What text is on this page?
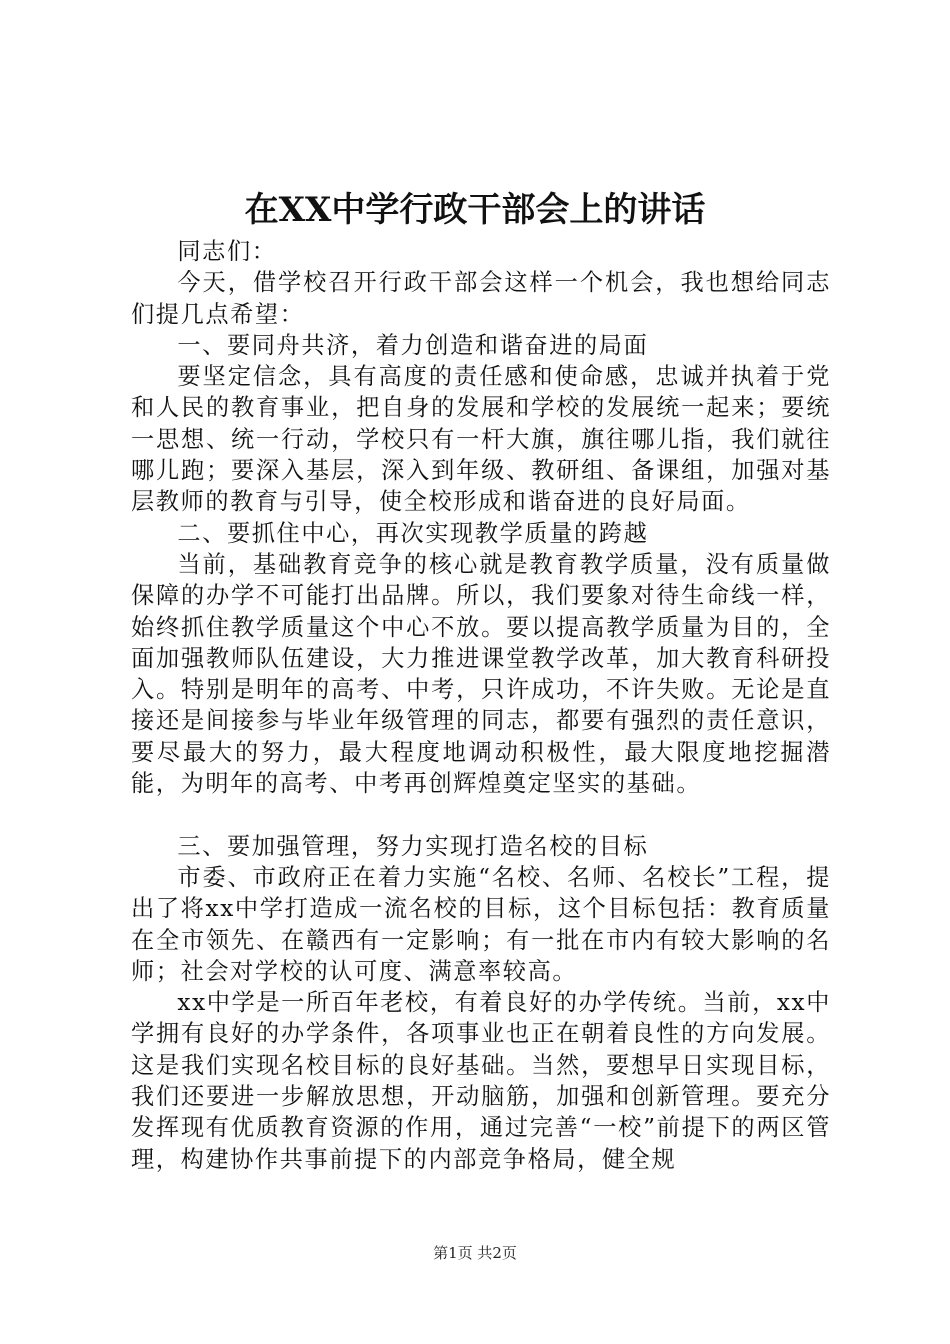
在XX中学行政干部会上的讲话

同志们：

今天，借学校召开行政干部会这样一个机会，我也想给同志们提几点希望：

一、要同舟共济，着力创造和谐奋进的局面

要坚定信念，具有高度的责任感和使命感，忠诚并执着于党和人民的教育事业，把自身的发展和学校的发展统一起来；要统一思想、统一行动，学校只有一杆大旗，旗往哪儿指，我们就往哪儿跑；要深入基层，深入到年级、教研组、备课组，加强对基层教师的教育与引导，使全校形成和谐奋进的良好局面。

二、要抓住中心，再次实现教学质量的跨越

当前，基础教育竞争的核心就是教育教学质量，没有质量做保障的办学不可能打出品牌。所以，我们要象对待生命线一样，始终抓住教学质量这个中心不放。要以提高教学质量为目的，全面加强教师队伍建设，大力推进课堂教学改革，加大教育科研投入。特别是明年的高考、中考，只许成功，不许失败。无论是直接还是间接参与毕业年级管理的同志，都要有强烈的责任意识，要尽最大的努力，最大程度地调动积极性，最大限度地挖掘潜能，为明年的高考、中考再创辉煌奠定坚实的基础。

三、要加强管理，努力实现打造名校的目标

市委、市政府正在着力实施“名校、名师、名校长”工程，提出了将xx中学打造成一流名校的目标，这个目标包括：教育质量在全市领先、在赣西有一定影响；有一批在市内有较大影响的名师；社会对学校的认可度、满意率较高。

xx中学是一所百年老校，有着良好的办学传统。当前，xx中学拥有良好的办学条件，各项事业也正在朝着良性的方向发展。这是我们实现名校目标的良好基础。当然，要想早日实现目标，我们还要进一步解放思想，开动脑筋，加强和创新管理。要充分发挥现有优质教育资源的作用，通过完善“一校”前提下的两区管理，构建协作共事前提下的内部竞争格局，健全规

第1页 共2页
